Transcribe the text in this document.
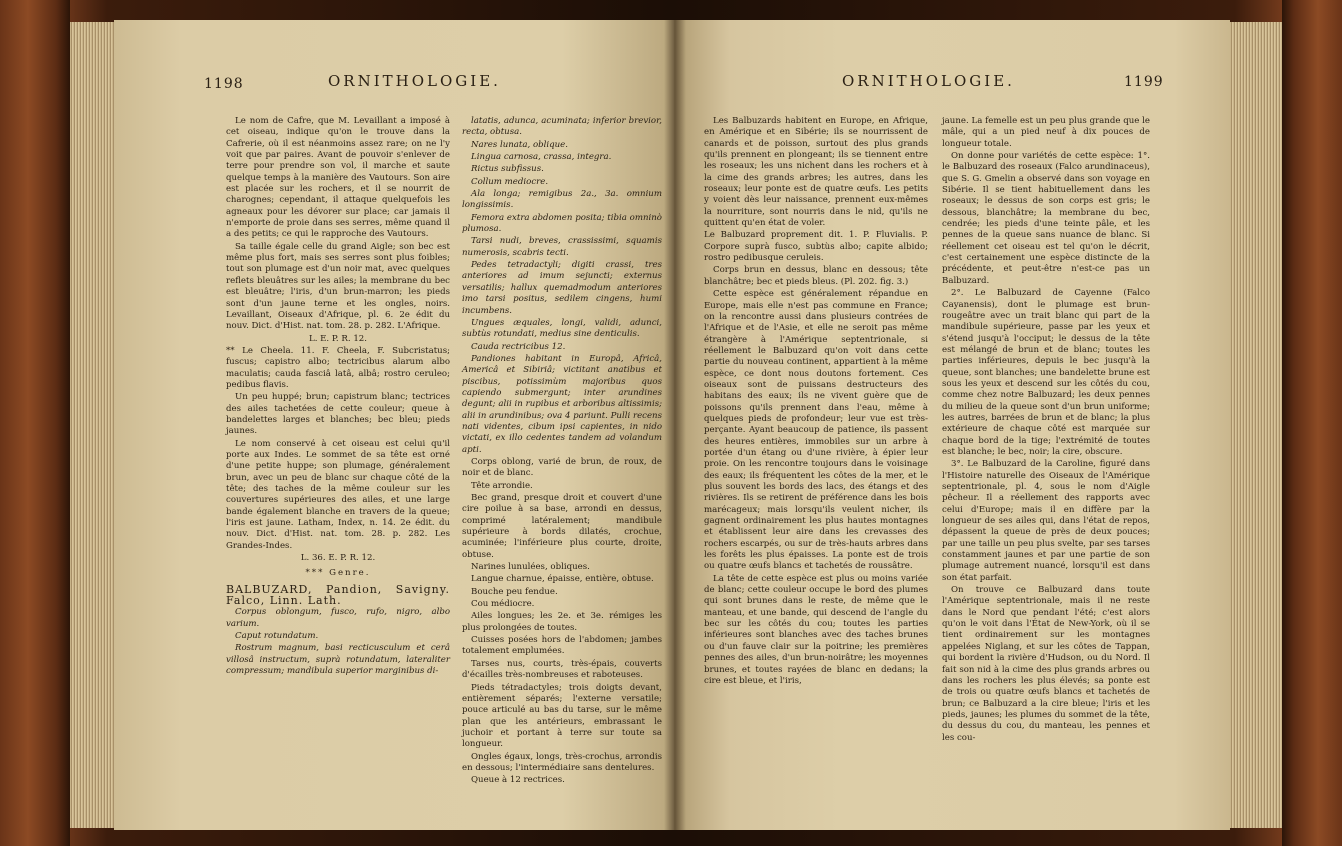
1198	ORNITHOLOGIE.

Le nom de Cafre, que M. Levaillant a imposé à cet oiseau, indique qu'on le trouve dans la Cafrerie, où il est néanmoins assez rare; on ne l'y voit que par paires. Avant de pouvoir s'enlever de terre pour prendre son vol, il marche et saute quelque temps à la manière des Vautours. Son aire est placée sur les rochers, et il se nourrit de charognes; cependant, il attaque quelquefois les agneaux pour les dévorer sur place; car jamais il n'emporte de proie dans ses serres, même quand il a des petits; ce qui le rapproche des Vautours.

Sa taille égale celle du grand Aigle; son bec est même plus fort, mais ses serres sont plus foibles; tout son plumage est d'un noir mat, avec quelques reflets bleuâtres sur les ailes; la membrane du bec est bleuâtre; l'iris, d'un brun-marron; les pieds sont d'un jaune terne et les ongles, noirs. Levaillant, Oiseaux d'Afrique, pl. 6. 2e édit du nouv. Dict. d'Hist. nat. tom. 28. p. 282. L'Afrique.

L. E. P. R. 12.

** Le Cheela. 11. F. Cheela, F. Subcristatus; fuscus; capistro albo; tectricibus alarum albo maculatis; cauda fasciâ latâ, albâ; rostro ceruleo; pedibus flavis.

Un peu huppé; brun; capistrum blanc; tectrices des ailes tachetées de cette couleur; queue à bandelettes larges et blanches; bec bleu; pieds jaunes.

Le nom conservé à cet oiseau est celui qu'il porte aux Indes. Le sommet de sa tête est orné d'une petite huppe; son plumage, généralement brun, avec un peu de blanc sur chaque côté de la tête; des taches de la même couleur sur les couvertures supérieures des ailes, et une large bande également blanche en travers de la queue; l'iris est jaune. Latham, Index, n. 14. 2e édit. du nouv. Dict. d'Hist. nat. tom. 28. p. 282. Les Grandes-Indes.

L. 36. E. P. R. 12.

*** Genre.

BALBUZARD, Pandion, Savigny. Falco, Linn. Lath.

Corpus oblongum, fusco, rufo, nigro, albo varium.

Caput rotundatum.

Rostrum magnum, basi recticusculum et cerâ villosâ instructum, suprà rotundatum, lateraliter compressum; mandibula superior marginibus di-

latatis, adunca, acuminata; inferior brevior, recta, obtusa.

Nares lunata, oblique.

Lingua carnosa, crassa, integra.

Rictus subfissus.

Collum mediocre.

Ala longa; remigibus 2a., 3a. omnium longissimis.

Femora extra abdomen posita; tibia omninò plumosa.

Tarsi nudi, breves, crassissimi, squamis numerosis, scabris tecti.

Pedes tetradactyli; digiti crassi, tres anteriores ad imum sejuncti; externus versatilis; hallux quemadmodum anteriores imo tarsi positus, sedilem cingens, humi incumbens.

Ungues æquales, longi, validi, adunci, subtùs rotundati, medius sine denticulis.

Cauda rectricibus 12.

Pandiones habitant in Europâ, Africâ, Americâ et Sibiriâ; victitant anatibus et piscibus, potissimùm majoribus quos capiendo submergunt; inter arundines degunt; alii in rupibus et arboribus altissimis; alii in arundinibus; ova 4 pariunt. Pulli recens nati videntes, cibum ipsi capientes, in nido victati, ex illo cedentes tandem ad volandum apti.

Corps oblong, varié de brun, de roux, de noir et de blanc.

Tête arrondie.

Bec grand, presque droit et couvert d'une cire poilue à sa base, arrondi en dessus, comprimé latéralement; mandibule supérieure à bords dilatés, crochue, acuminée; l'inférieure plus courte, droite, obtuse.

Narines lunulées, obliques.

Langue charnue, épaisse, entière, obtuse.

Bouche peu fendue.

Cou médiocre.

Ailes longues; les 2e. et 3e. rémiges les plus prolongées de toutes.

Cuisses posées hors de l'abdomen; jambes totalement emplumées.

Tarses nus, courts, très-épais, couverts d'écailles très-nombreuses et raboteuses.

Pieds tétradactyles; trois doigts devant, entièrement séparés; l'externe versatile; pouce articulé au bas du tarse, sur le même plan que les antérieurs, embrassant le juchoir et portant à terre sur toute sa longueur.

Ongles égaux, longs, très-crochus, arrondis en dessous; l'intermédiaire sans dentelures.

Queue à 12 rectrices.

ORNITHOLOGIE.	1199

Les Balbuzards habitent en Europe, en Afrique, en Amérique et en Sibérie; ils se nourrissent de canards et de poisson, surtout des plus grands qu'ils prennent en plongeant; ils se tiennent entre les roseaux; les uns nichent dans les rochers et à la cime des grands arbres; les autres, dans les roseaux; leur ponte est de quatre œufs. Les petits y voient dès leur naissance, prennent eux-mêmes la nourriture, sont nourris dans le nid, qu'ils ne quittent qu'en état de voler.

Le Balbuzard proprement dit. 1. P. Fluvialis. P. Corpore suprà fusco, subtùs albo; capite albido; rostro pedibusque ceruleis.

Corps brun en dessus, blanc en dessous; tête blanchâtre; bec et pieds bleus. (Pl. 202. fig. 3.)

Cette espèce est généralement répandue en Europe, mais elle n'est pas commune en France; on la rencontre aussi dans plusieurs contrées de l'Afrique et de l'Asie, et elle ne seroit pas même étrangère à l'Amérique septentrionale, si réellement le Balbuzard qu'on voit dans cette partie du nouveau continent, appartient à la même espèce, ce dont nous doutons fortement. Ces oiseaux sont de puissans destructeurs des habitans des eaux; ils ne vivent guère que de poissons qu'ils prennent dans l'eau, même à quelques pieds de profondeur; leur vue est très-perçante. Ayant beaucoup de patience, ils passent des heures entières, immobiles sur un arbre à portée d'un étang ou d'une rivière, à épier leur proie. On les rencontre toujours dans le voisinage des eaux; ils fréquentent les côtes de la mer, et le plus souvent les bords des lacs, des étangs et des rivières. Ils se retirent de préférence dans les bois marécageux; mais lorsqu'ils veulent nicher, ils gagnent ordinairement les plus hautes montagnes et établissent leur aire dans les crevasses des rochers escarpés, ou sur de très-hauts arbres dans les forêts les plus épaisses. La ponte est de trois ou quatre œufs blancs et tachetés de roussâtre.

La tête de cette espèce est plus ou moins variée de blanc; cette couleur occupe le bord des plumes qui sont brunes dans le reste, de même que le manteau, et une bande, qui descend de l'angle du bec sur les côtés du cou; toutes les parties inférieures sont blanches avec des taches brunes ou d'un fauve clair sur la poitrine; les premières pennes des ailes, d'un brun-noirâtre; les moyennes brunes, et toutes rayées de blanc en dedans; la cire est bleue, et l'iris,

jaune. La femelle est un peu plus grande que le mâle, qui a un pied neuf à dix pouces de longueur totale.

On donne pour variétés de cette espèce: 1°. le Balbuzard des roseaux (Falco arundinaceus), que S. G. Gmelin a observé dans son voyage en Sibérie. Il se tient habituellement dans les roseaux; le dessus de son corps est gris; le dessous, blanchâtre; la membrane du bec, cendrée; les pieds d'une teinte pâle, et les pennes de la queue sans nuance de blanc. Si réellement cet oiseau est tel qu'on le décrit, c'est certainement une espèce distincte de la précédente, et peut-être n'est-ce pas un Balbuzard.

2°. Le Balbuzard de Cayenne (Falco Cayanensis), dont le plumage est brun-rougeâtre avec un trait blanc qui part de la mandibule supérieure, passe par les yeux et s'étend jusqu'à l'occiput; le dessus de la tête est mélangé de brun et de blanc; toutes les parties inférieures, depuis le bec jusqu'à la queue, sont blanches; une bandelette brune est sous les yeux et descend sur les côtés du cou, comme chez notre Balbuzard; les deux pennes du milieu de la queue sont d'un brun uniforme; les autres, barrées de brun et de blanc; la plus extérieure de chaque côté est marquée sur chaque bord de la tige; l'extrémité de toutes est blanche; le bec, noir; la cire, obscure.

3°. Le Balbuzard de la Caroline, figuré dans l'Histoire naturelle des Oiseaux de l'Amérique septentrionale, pl. 4, sous le nom d'Aigle pêcheur. Il a réellement des rapports avec celui d'Europe; mais il en diffère par la longueur de ses ailes qui, dans l'état de repos, dépassent la queue de près de deux pouces; par une taille un peu plus svelte, par ses tarses constamment jaunes et par une partie de son plumage autrement nuancé, lorsqu'il est dans son état parfait.

On trouve ce Balbuzard dans toute l'Amérique septentrionale, mais il ne reste dans le Nord que pendant l'été; c'est alors qu'on le voit dans l'État de New-York, où il se tient ordinairement sur les montagnes appelées Niglang, et sur les côtes de Tappan, qui bordent la rivière d'Hudson, ou du Nord. Il fait son nid à la cime des plus grands arbres ou dans les rochers les plus élevés; sa ponte est de trois ou quatre œufs blancs et tachetés de brun; ce Balbuzard a la cire bleue; l'iris et les pieds, jaunes; les plumes du sommet de la tête, du dessus du cou, du manteau, les pennes et les cou-
